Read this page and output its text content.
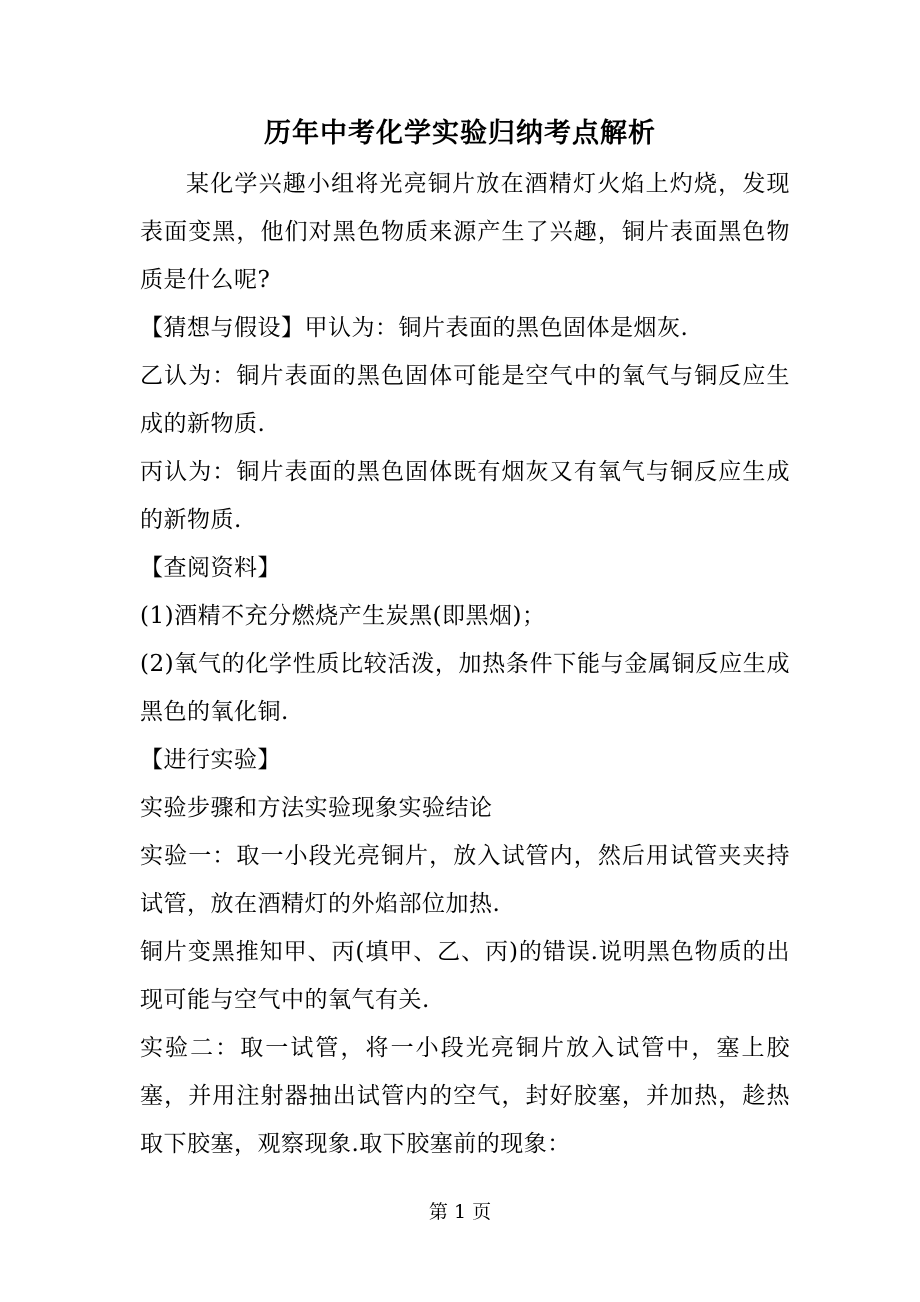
历年中考化学实验归纳考点解析

某化学兴趣小组将光亮铜片放在酒精灯火焰上灼烧，发现表面变黑，他们对黑色物质来源产生了兴趣，铜片表面黑色物质是什么呢?

【猜想与假设】甲认为：铜片表面的黑色固体是烟灰.

乙认为：铜片表面的黑色固体可能是空气中的氧气与铜反应生成的新物质.

丙认为：铜片表面的黑色固体既有烟灰又有氧气与铜反应生成的新物质.

【查阅资料】

(1)酒精不充分燃烧产生炭黑(即黑烟)；

(2)氧气的化学性质比较活泼，加热条件下能与金属铜反应生成黑色的氧化铜.

【进行实验】

实验步骤和方法实验现象实验结论

实验一：取一小段光亮铜片，放入试管内，然后用试管夹夹持试管，放在酒精灯的外焰部位加热.

铜片变黑推知甲、丙(填甲、乙、丙)的错误.说明黑色物质的出现可能与空气中的氧气有关.

实验二：取一试管，将一小段光亮铜片放入试管中，塞上胶塞，并用注射器抽出试管内的空气，封好胶塞，并加热，趁热取下胶塞，观察现象.取下胶塞前的现象：

第 1 页
